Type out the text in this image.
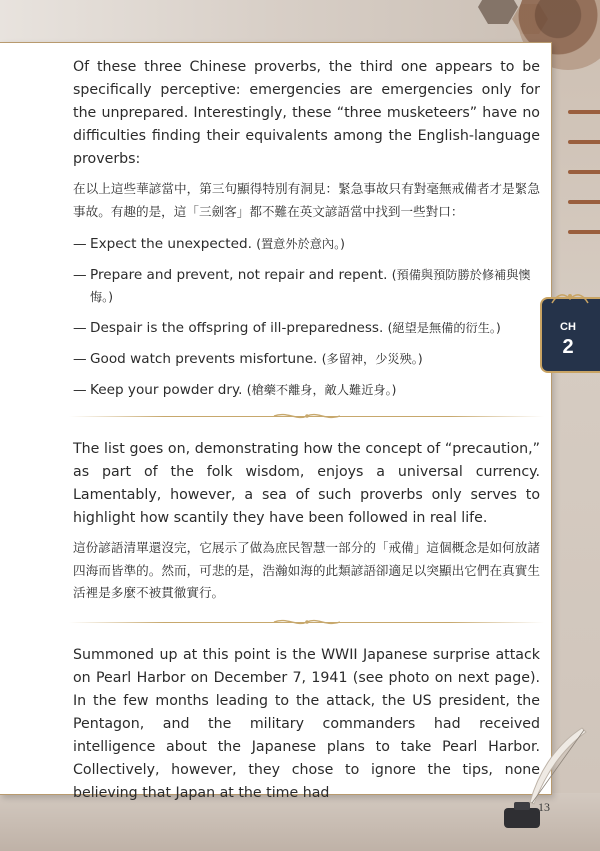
Of these three Chinese proverbs, the third one appears to be specifically perceptive: emergencies are emergencies only for the unprepared. Interestingly, these “three musketeers” have no difficulties finding their equivalents among the English-language proverbs:

在以上這些華諺當中，第三句顯得特別有洞見：緊急事故只有對毫無戒備者才是緊急事故。有趣的是，這「三劍客」都不難在英文諺語當中找到一些對口：

— Expect the unexpected. (置意外於意內。)
— Prepare and prevent, not repair and repent. (預備與預防勝於修補與懊悔。)
— Despair is the offspring of ill-preparedness. (絕望是無備的衍生。)
— Good watch prevents misfortune. (多留神，少災殃。)
— Keep your powder dry. (槍藥不離身，敵人難近身。)

The list goes on, demonstrating how the concept of “precaution,” as part of the folk wisdom, enjoys a universal currency. Lamentably, however, a sea of such proverbs only serves to highlight how scantily they have been followed in real life.

這份諺語清單還沒完，它展示了做為庶民智慧一部分的「戒備」這個概念是如何放諸四海而皆準的。然而，可悲的是，浩瀚如海的此類諺語卻適足以突顯出它們在真實生活裡是多麼不被貫徹實行。

Summoned up at this point is the WWII Japanese surprise attack on Pearl Harbor on December 7, 1941 (see photo on next page). In the few months leading to the attack, the US president, the Pentagon, and the military commanders had received intelligence about the Japanese plans to take Pearl Harbor. Collectively, however, they chose to ignore the tips, none believing that Japan at the time had

CH
2
13
